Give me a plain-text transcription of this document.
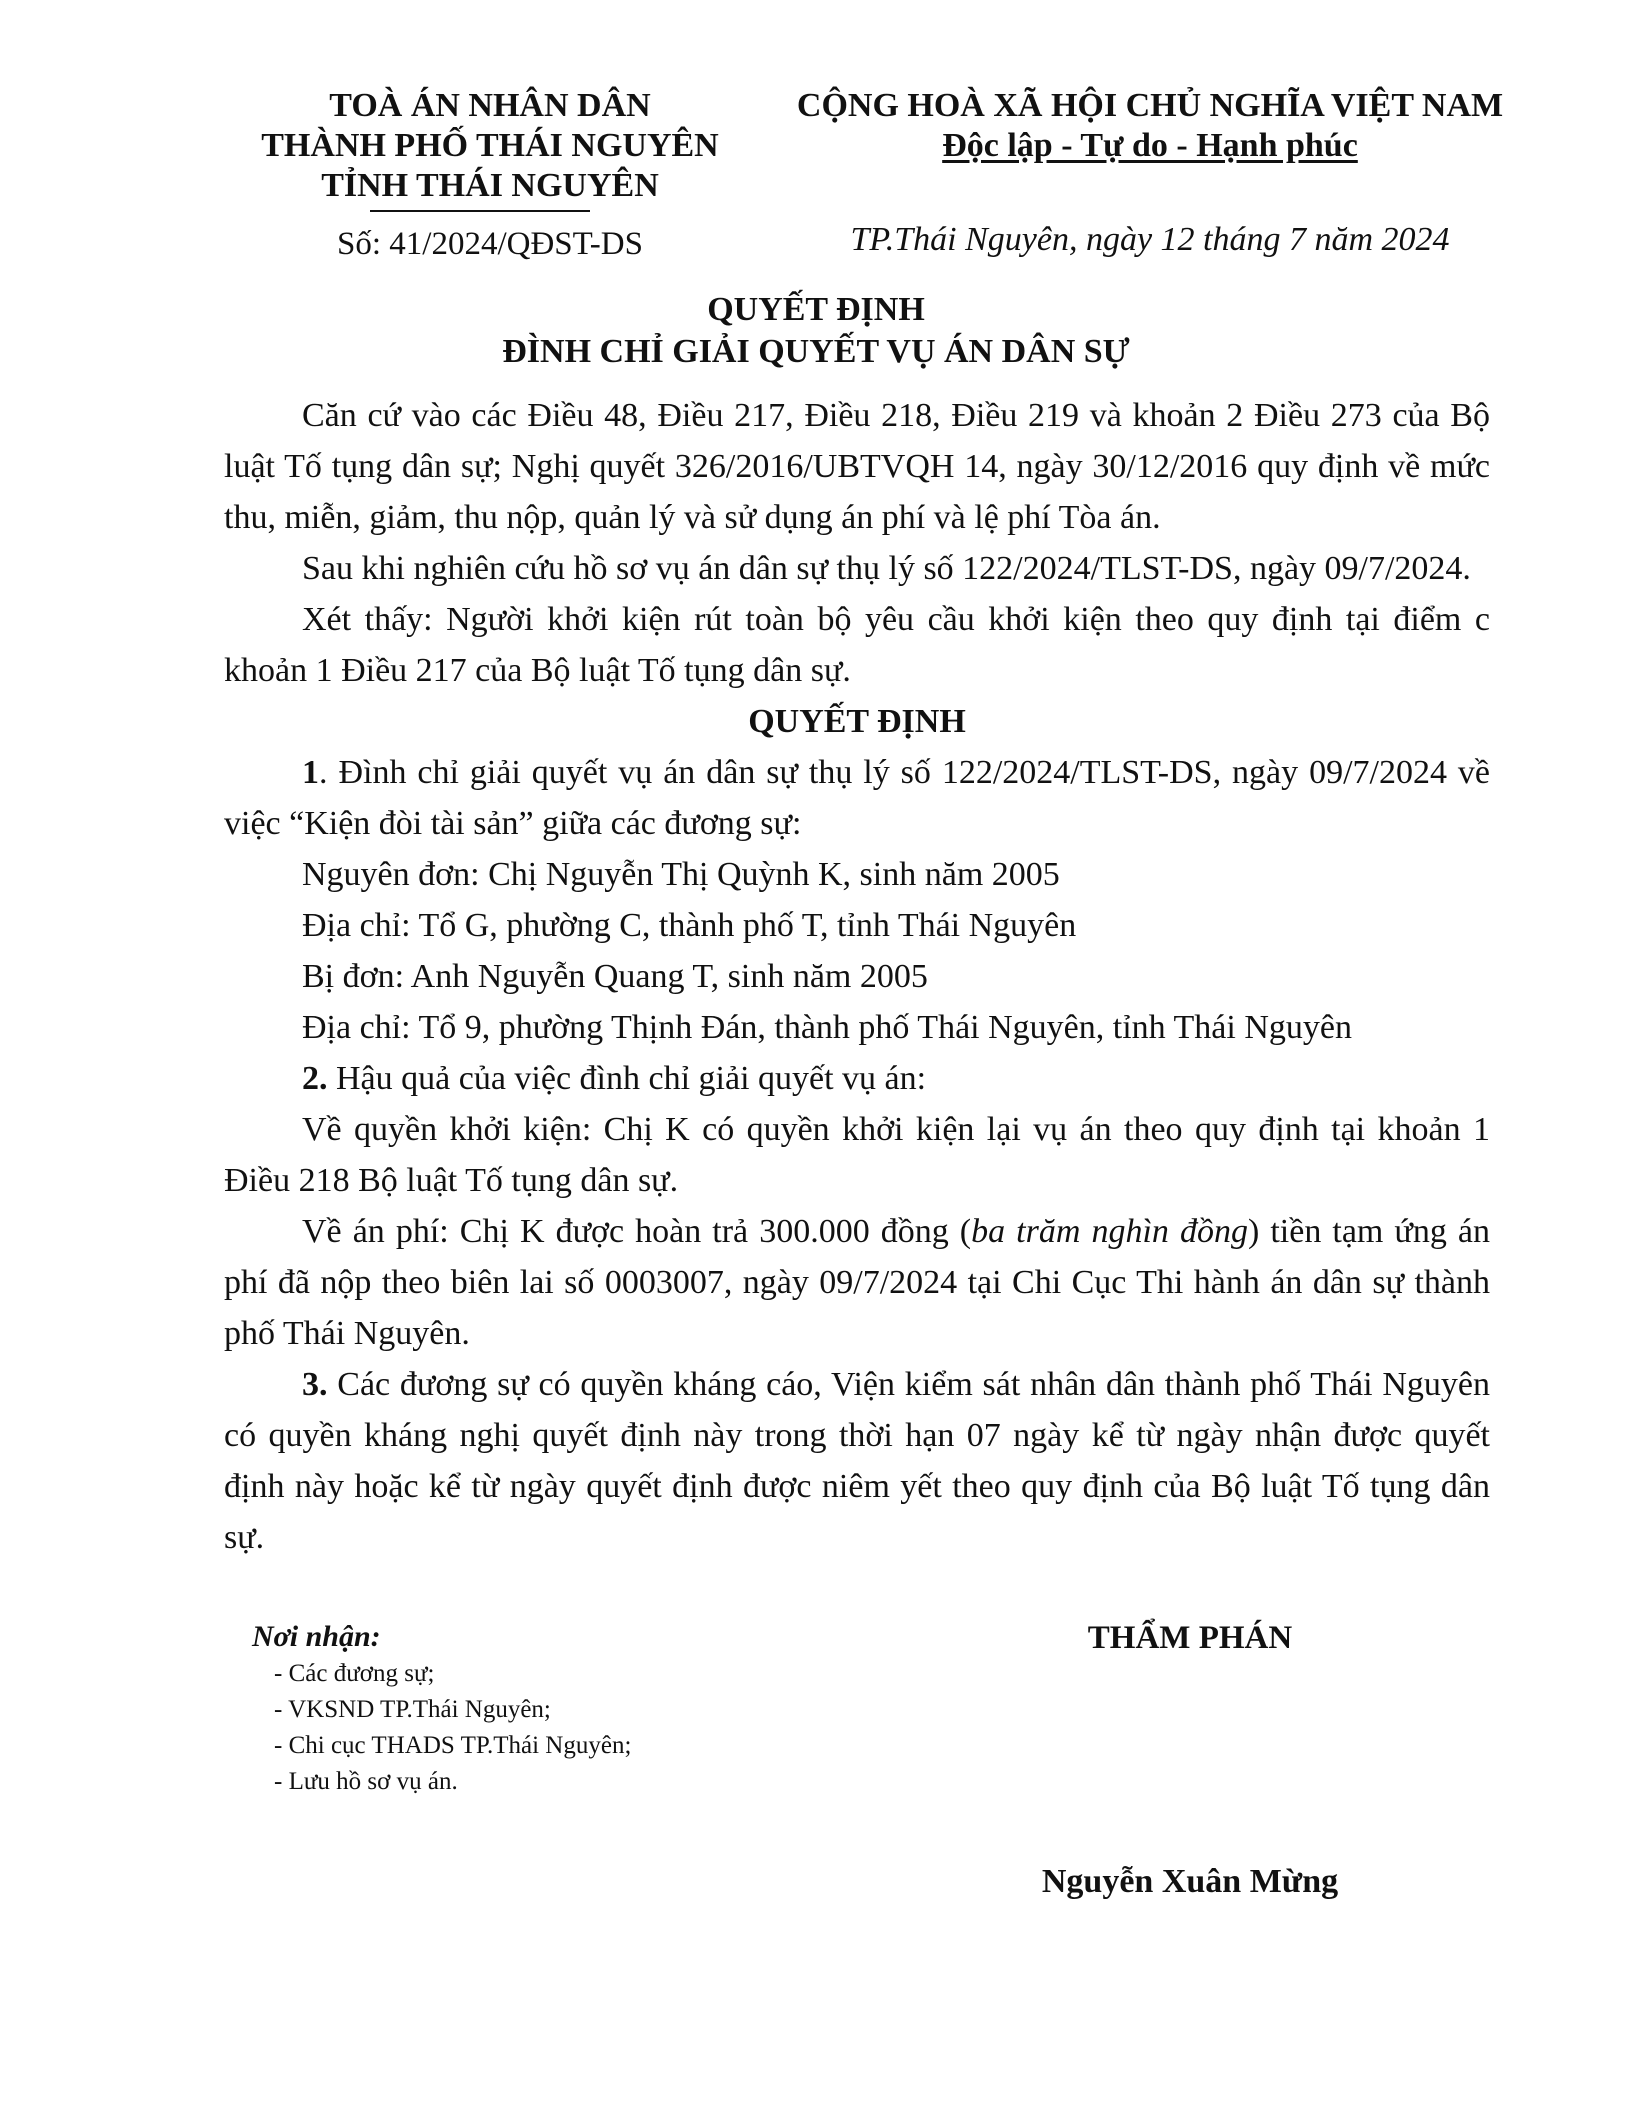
TOÀ ÁN NHÂN DÂN
THÀNH PHỐ THÁI NGUYÊN
TỈNH THÁI NGUYÊN
Số: 41/2024/QĐST-DS
CỘNG HOÀ XÃ HỘI CHỦ NGHĨA VIỆT NAM
Độc lập - Tự do - Hạnh phúc
TP.Thái Nguyên, ngày 12 tháng 7 năm 2024
QUYẾT ĐỊNH
ĐÌNH CHỈ GIẢI QUYẾT VỤ ÁN DÂN SỰ

Căn cứ vào các Điều 48, Điều 217, Điều 218, Điều 219 và khoản 2 Điều 273 của Bộ luật Tố tụng dân sự; Nghị quyết 326/2016/UBTVQH 14, ngày 30/12/2016 quy định về mức thu, miễn, giảm, thu nộp, quản lý và sử dụng án phí và lệ phí Tòa án.

Sau khi nghiên cứu hồ sơ vụ án dân sự thụ lý số 122/2024/TLST-DS, ngày 09/7/2024.

Xét thấy: Người khởi kiện rút toàn bộ yêu cầu khởi kiện theo quy định tại điểm c khoản 1 Điều 217 của Bộ luật Tố tụng dân sự.

QUYẾT ĐỊNH

1. Đình chỉ giải quyết vụ án dân sự thụ lý số 122/2024/TLST-DS, ngày 09/7/2024 về việc “Kiện đòi tài sản” giữa các đương sự:

Nguyên đơn: Chị Nguyễn Thị Quỳnh K, sinh năm 2005

Địa chỉ: Tổ G, phường C, thành phố T, tỉnh Thái Nguyên

Bị đơn: Anh Nguyễn Quang T, sinh năm 2005

Địa chỉ: Tổ 9, phường Thịnh Đán, thành phố Thái Nguyên, tỉnh Thái Nguyên

2. Hậu quả của việc đình chỉ giải quyết vụ án:

Về quyền khởi kiện: Chị K có quyền khởi kiện lại vụ án theo quy định tại khoản 1 Điều 218 Bộ luật Tố tụng dân sự.

Về án phí: Chị K được hoàn trả 300.000 đồng (ba trăm nghìn đồng) tiền tạm ứng án phí đã nộp theo biên lai số 0003007, ngày 09/7/2024 tại Chi Cục Thi hành án dân sự thành phố Thái Nguyên.

3. Các đương sự có quyền kháng cáo, Viện kiểm sát nhân dân thành phố Thái Nguyên có quyền kháng nghị quyết định này trong thời hạn 07 ngày kể từ ngày nhận được quyết định này hoặc kể từ ngày quyết định được niêm yết theo quy định của Bộ luật Tố tụng dân sự.

Nơi nhận:
- Các đương sự;
- VKSND TP.Thái Nguyên;
- Chi cục THADS TP.Thái Nguyên;
- Lưu hồ sơ vụ án.
THẨM PHÁN
Nguyễn Xuân Mừng
